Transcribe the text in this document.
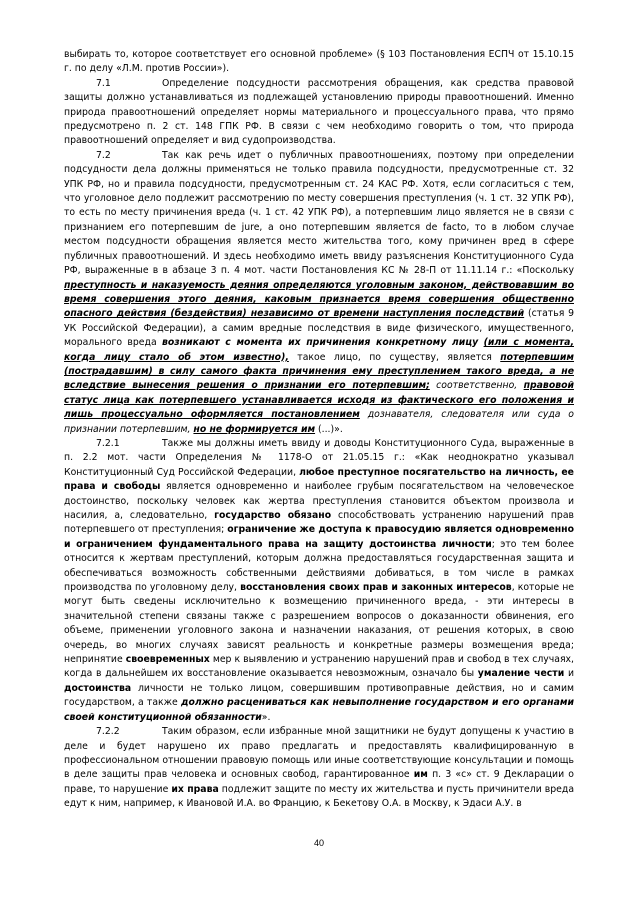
выбирать то, которое соответствует его основной проблеме» (§ 103 Постановления ЕСПЧ от 15.10.15 г. по делу «Л.М. против России»).

7.1	Определение подсудности рассмотрения обращения, как средства правовой защиты должно устанавливаться из подлежащей установлению природы правоотношений. Именно природа правоотношений определяет нормы материального и процессуального права, что прямо предусмотрено п. 2 ст. 148 ГПК РФ. В связи с чем необходимо говорить о том, что природа правоотношений определяет и вид судопроизводства.

7.2	Так как речь идет о публичных правоотношениях, поэтому при определении подсудности дела должны применяться не только правила подсудности, предусмотренные ст. 32 УПК РФ, но и правила подсудности, предусмотренным ст. 24 КАС РФ. Хотя, если согласиться с тем, что уголовное дело подлежит рассмотрению по месту совершения преступления (ч. 1 ст. 32 УПК РФ), то есть по месту причинения вреда (ч. 1 ст. 42 УПК РФ), а потерпевшим лицо является не в связи с признанием его потерпевшим de jure, а оно потерпевшим является de facto, то в любом случае местом подсудности обращения является место жительства того, кому причинен вред в сфере публичных правоотношений. И здесь необходимо иметь ввиду разъяснения Конституционного Суда РФ, выраженные в в абзаце 3 п. 4 мот. части Постановления КС № 28-П от 11.11.14 г.: «Поскольку преступность и наказуемость деяния определяются уголовным законом, действовавшим во время совершения этого деяния, каковым признается время совершения общественно опасного действия (бездействия) независимо от времени наступления последствий (статья 9 УК Российской Федерации), а самим вредные последствия в виде физического, имущественного, морального вреда возникают с момента их причинения конкретному лицу (или с момента, когда лицу стало об этом известно), такое лицо, по существу, является потерпевшим (пострадавшим) в силу самого факта причинения ему преступлением такого вреда, а не вследствие вынесения решения о признании его потерпевшим; соответственно, правовой статус лица как потерпевшего устанавливается исходя из фактического его положения и лишь процессуально оформляется постановлением дознавателя, следователя или суда о признании потерпевшим, но не формируется им (...)».

7.2.1	Также мы должны иметь ввиду и доводы Конституционного Суда, выраженные в п. 2.2 мот. части Определения № 1178-О от 21.05.15 г.: «Как неоднократно указывал Конституционный Суд Российской Федерации, любое преступное посягательство на личность, ее права и свободы является одновременно и наиболее грубым посягательством на человеческое достоинство, поскольку человек как жертва преступления становится объектом произвола и насилия, а, следовательно, государство обязано способствовать устранению нарушений прав потерпевшего от преступления; ограничение же доступа к правосудию является одновременно и ограничением фундаментального права на защиту достоинства личности; это тем более относится к жертвам преступлений, которым должна предоставляться государственная защита и обеспечиваться возможность собственными действиями добиваться, в том числе в рамках производства по уголовному делу, восстановления своих прав и законных интересов, которые не могут быть сведены исключительно к возмещению причиненного вреда, - эти интересы в значительной степени связаны также с разрешением вопросов о доказанности обвинения, его объеме, применении уголовного закона и назначении наказания, от решения которых, в свою очередь, во многих случаях зависят реальность и конкретные размеры возмещения вреда; непринятие своевременных мер к выявлению и устранению нарушений прав и свобод в тех случаях, когда в дальнейшем их восстановление оказывается невозможным, означало бы умаление чести и достоинства личности не только лицом, совершившим противоправные действия, но и самим государством, а также должно расцениваться как невыполнение государством и его органами своей конституционной обязанности».

7.2.2	Таким образом, если избранные мной защитники не будут допущены к участию в деле и будет нарушено их право предлагать и предоставлять квалифицированную в профессиональном отношении правовую помощь или иные соответствующие консультации и помощь в деле защиты прав человека и основных свобод, гарантированное им п. 3 «с» ст. 9 Декларации о праве, то нарушение их права подлежит защите по месту их жительства и пусть причинители вреда едут к ним, например, к Ивановой И.А. во Францию, к Бекетову О.А. в Москву, к Эдаси А.У. в

40
